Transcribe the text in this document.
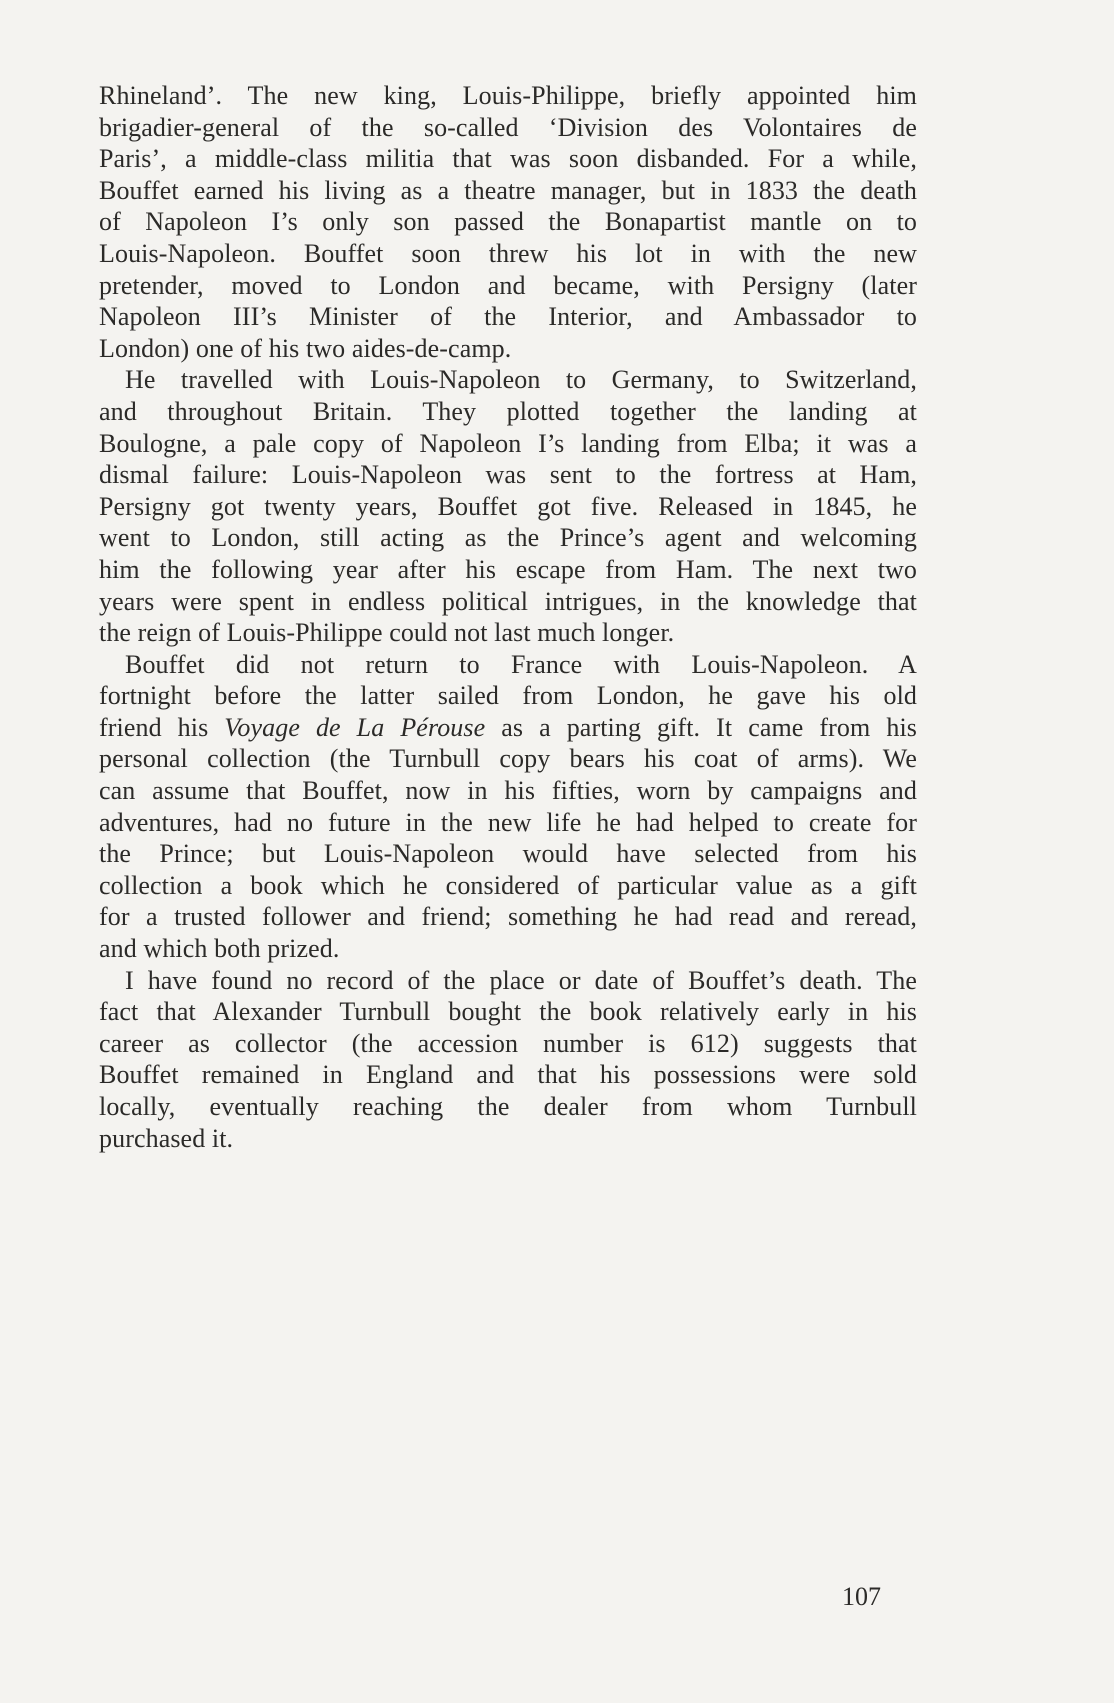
Rhineland’. The new king, Louis-Philippe, briefly appointed him
brigadier-general of the so-called ‘Division des Volontaires de
Paris’, a middle-class militia that was soon disbanded. For a while,
Bouffet earned his living as a theatre manager, but in 1833 the death
of Napoleon I’s only son passed the Bonapartist mantle on to
Louis-Napoleon. Bouffet soon threw his lot in with the new
pretender, moved to London and became, with Persigny (later
Napoleon III’s Minister of the Interior, and Ambassador to
London) one of his two aides-de-camp.
He travelled with Louis-Napoleon to Germany, to Switzerland,
and throughout Britain. They plotted together the landing at
Boulogne, a pale copy of Napoleon I’s landing from Elba; it was a
dismal failure: Louis-Napoleon was sent to the fortress at Ham,
Persigny got twenty years, Bouffet got five. Released in 1845, he
went to London, still acting as the Prince’s agent and welcoming
him the following year after his escape from Ham. The next two
years were spent in endless political intrigues, in the knowledge that
the reign of Louis-Philippe could not last much longer.
Bouffet did not return to France with Louis-Napoleon. A
fortnight before the latter sailed from London, he gave his old
friend his Voyage de La Pérouse as a parting gift. It came from his
personal collection (the Turnbull copy bears his coat of arms). We
can assume that Bouffet, now in his fifties, worn by campaigns and
adventures, had no future in the new life he had helped to create for
the Prince; but Louis-Napoleon would have selected from his
collection a book which he considered of particular value as a gift
for a trusted follower and friend; something he had read and reread,
and which both prized.
I have found no record of the place or date of Bouffet’s death. The
fact that Alexander Turnbull bought the book relatively early in his
career as collector (the accession number is 612) suggests that
Bouffet remained in England and that his possessions were sold
locally, eventually reaching the dealer from whom Turnbull
purchased it.
107
